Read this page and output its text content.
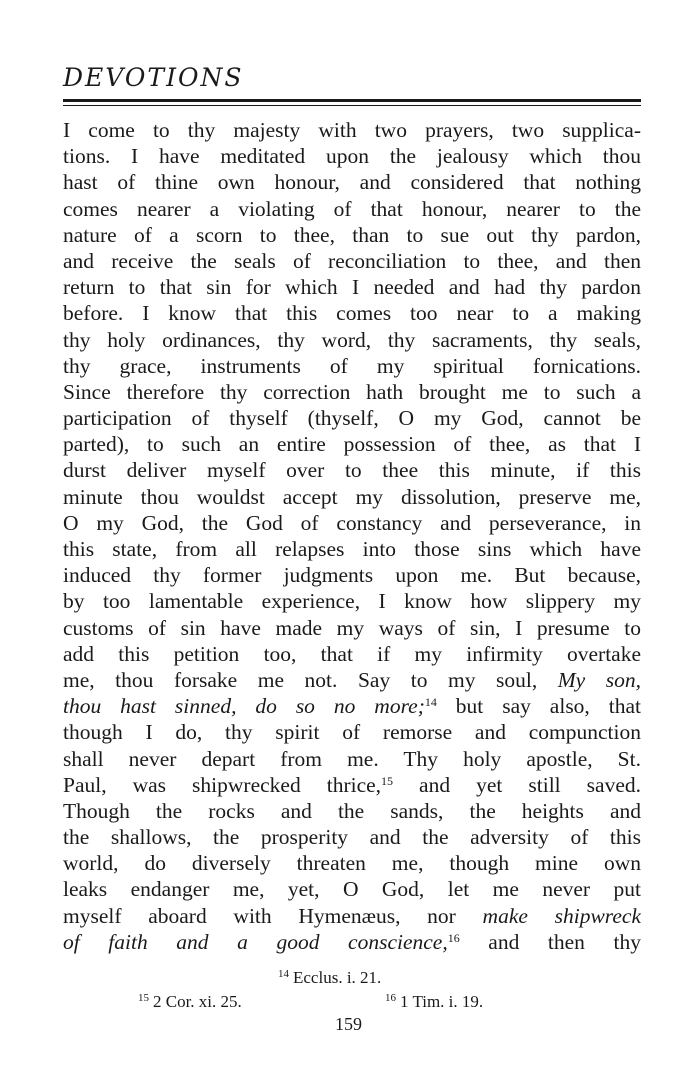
DEVOTIONS
I come to thy majesty with two prayers, two supplica-
tions. I have meditated upon the jealousy which thou
hast of thine own honour, and considered that nothing
comes nearer a violating of that honour, nearer to the
nature of a scorn to thee, than to sue out thy pardon,
and receive the seals of reconciliation to thee, and then
return to that sin for which I needed and had thy pardon
before. I know that this comes too near to a making
thy holy ordinances, thy word, thy sacraments, thy seals,
thy grace, instruments of my spiritual fornications.
Since therefore thy correction hath brought me to such a
participation of thyself (thyself, O my God, cannot be
parted), to such an entire possession of thee, as that I
durst deliver myself over to thee this minute, if this
minute thou wouldst accept my dissolution, preserve me,
O my God, the God of constancy and perseverance, in
this state, from all relapses into those sins which have
induced thy former judgments upon me. But because,
by too lamentable experience, I know how slippery my
customs of sin have made my ways of sin, I presume to
add this petition too, that if my infirmity overtake
me, thou forsake me not. Say to my soul, My son,
thou hast sinned, do so no more;$^{14}$ but say also, that
though I do, thy spirit of remorse and compunction
shall never depart from me. Thy holy apostle, St.
Paul, was shipwrecked thrice,$^{15}$ and yet still saved.
Though the rocks and the sands, the heights and
the shallows, the prosperity and the adversity of this
world, do diversely threaten me, though mine own
leaks endanger me, yet, O God, let me never put
myself aboard with Hymenæus, nor make shipwreck
of faith and a good conscience,$^{16}$ and then thy
$^{14}$ Ecclus. i. 21.
$^{15}$ 2 Cor. xi. 25.	$^{16}$ 1 Tim. i. 19.
159
